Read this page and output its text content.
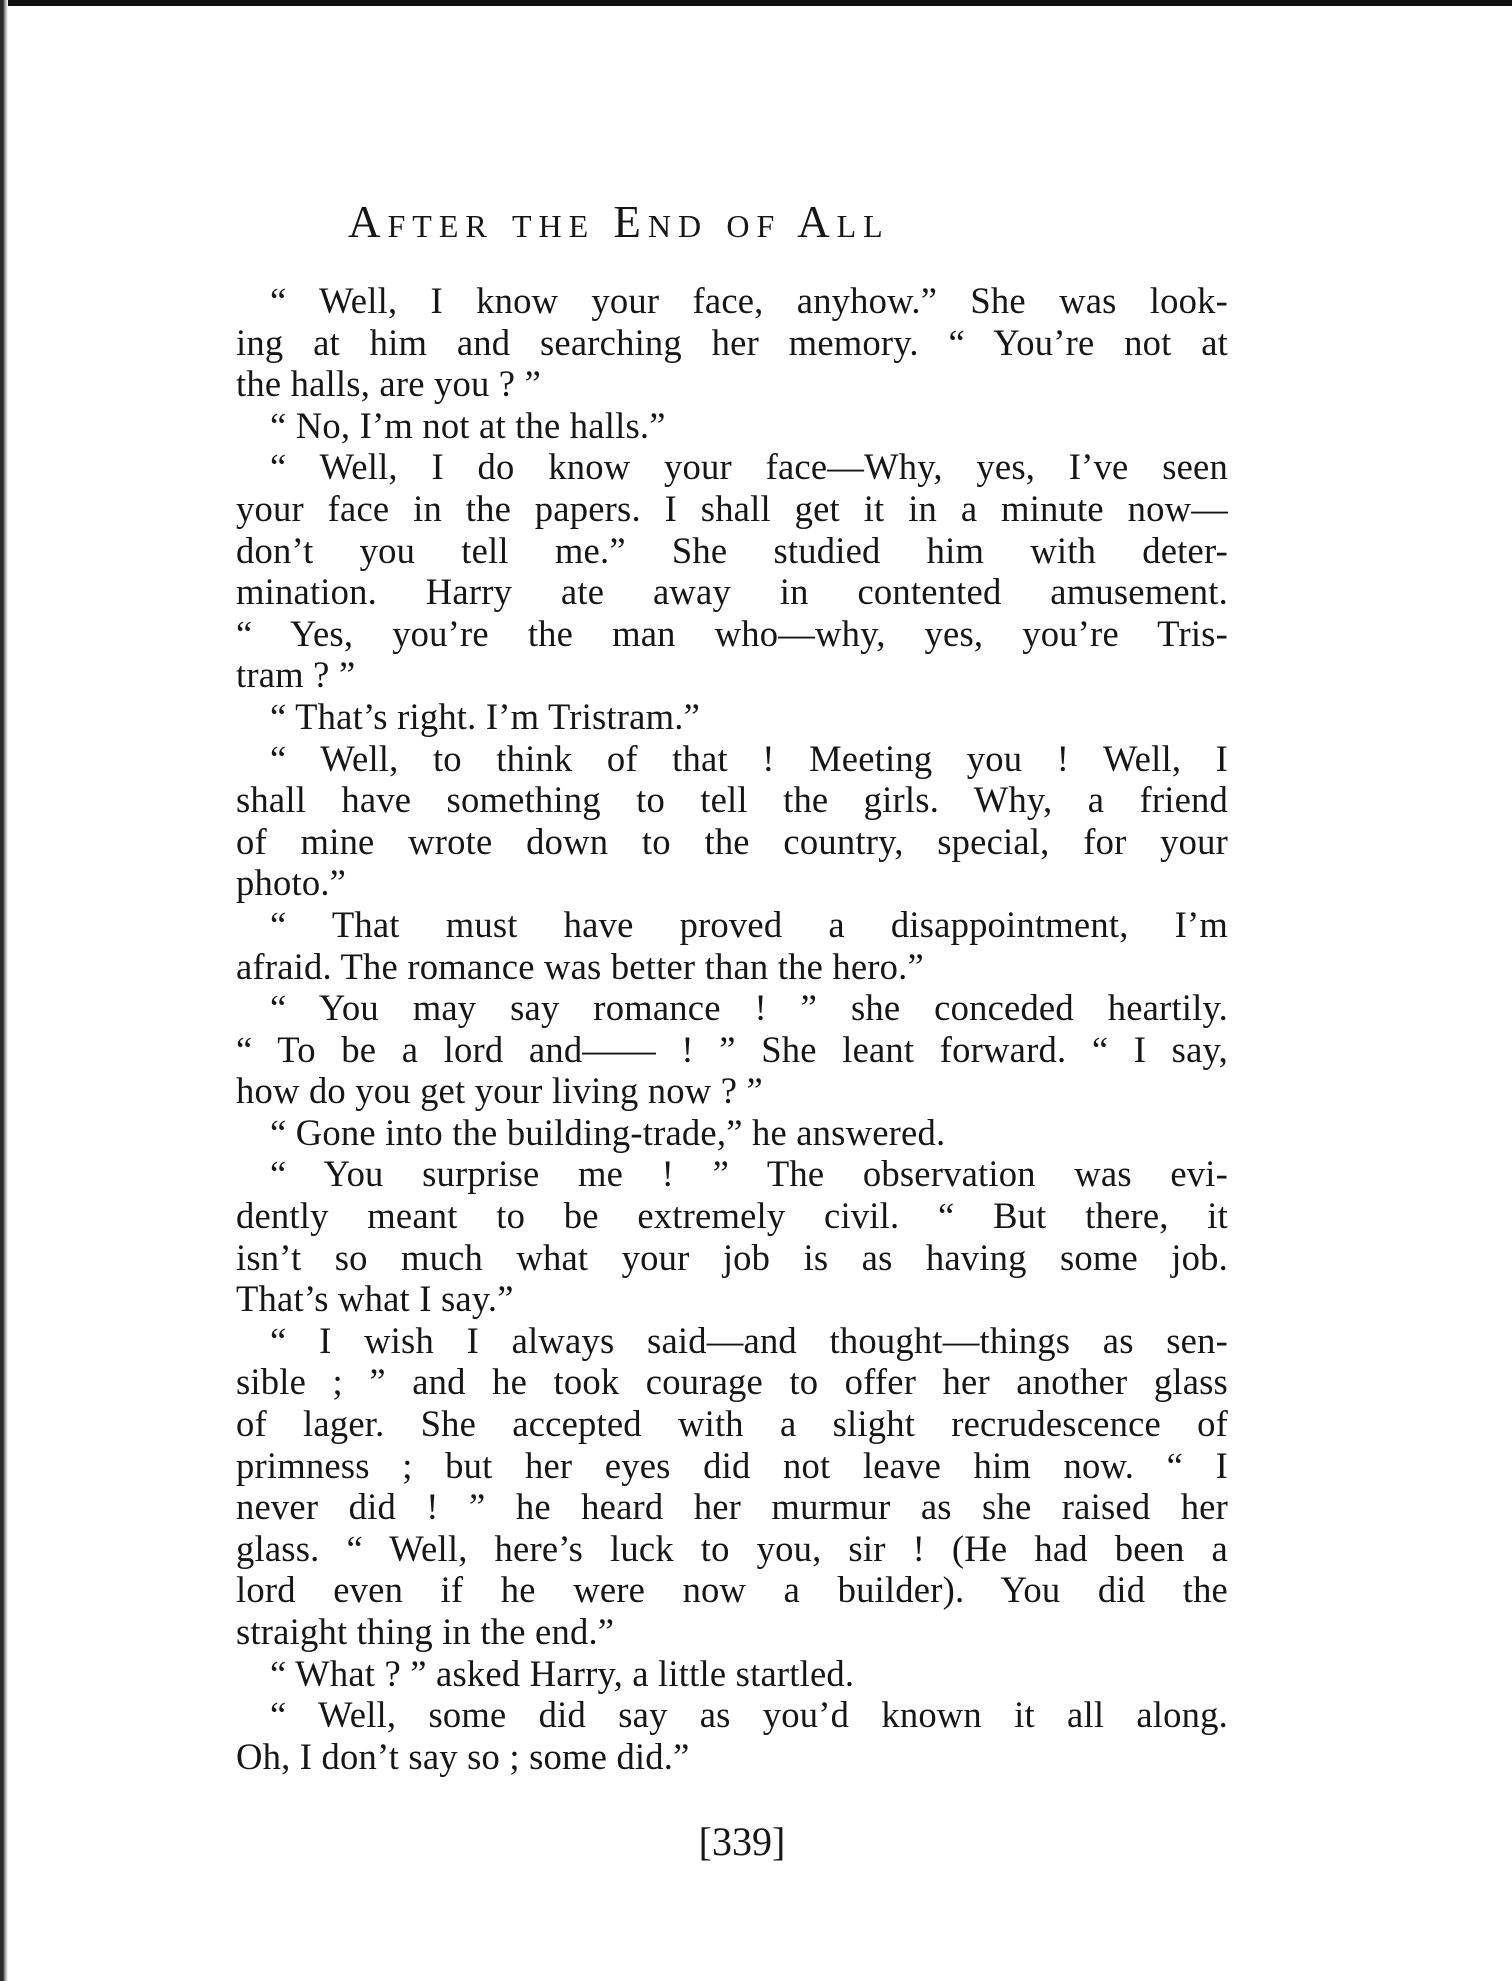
After the End of All
“ Well, I know your face, anyhow.” She was look-
ing at him and searching her memory. “ You’re not at
the halls, are you ? ”
“ No, I’m not at the halls.”
“ Well, I do know your face—Why, yes, I’ve seen
your face in the papers. I shall get it in a minute now—
don’t you tell me.” She studied him with deter-
mination. Harry ate away in contented amusement.
“ Yes, you’re the man who—why, yes, you’re Tris-
tram ? ”
“ That’s right. I’m Tristram.”
“ Well, to think of that ! Meeting you ! Well, I
shall have something to tell the girls. Why, a friend
of mine wrote down to the country, special, for your
photo.”
“ That must have proved a disappointment, I’m
afraid. The romance was better than the hero.”
“ You may say romance ! ” she conceded heartily.
“ To be a lord and—— ! ” She leant forward. “ I say,
how do you get your living now ? ”
“ Gone into the building-trade,” he answered.
“ You surprise me ! ” The observation was evi-
dently meant to be extremely civil. “ But there, it
isn’t so much what your job is as having some job.
That’s what I say.”
“ I wish I always said—and thought—things as sen-
sible ; ” and he took courage to offer her another glass
of lager. She accepted with a slight recrudescence of
primness ; but her eyes did not leave him now. “ I
never did ! ” he heard her murmur as she raised her
glass. “ Well, here’s luck to you, sir ! (He had been a
lord even if he were now a builder). You did the
straight thing in the end.”
“ What ? ” asked Harry, a little startled.
“ Well, some did say as you’d known it all along.
Oh, I don’t say so ; some did.”
[339]
